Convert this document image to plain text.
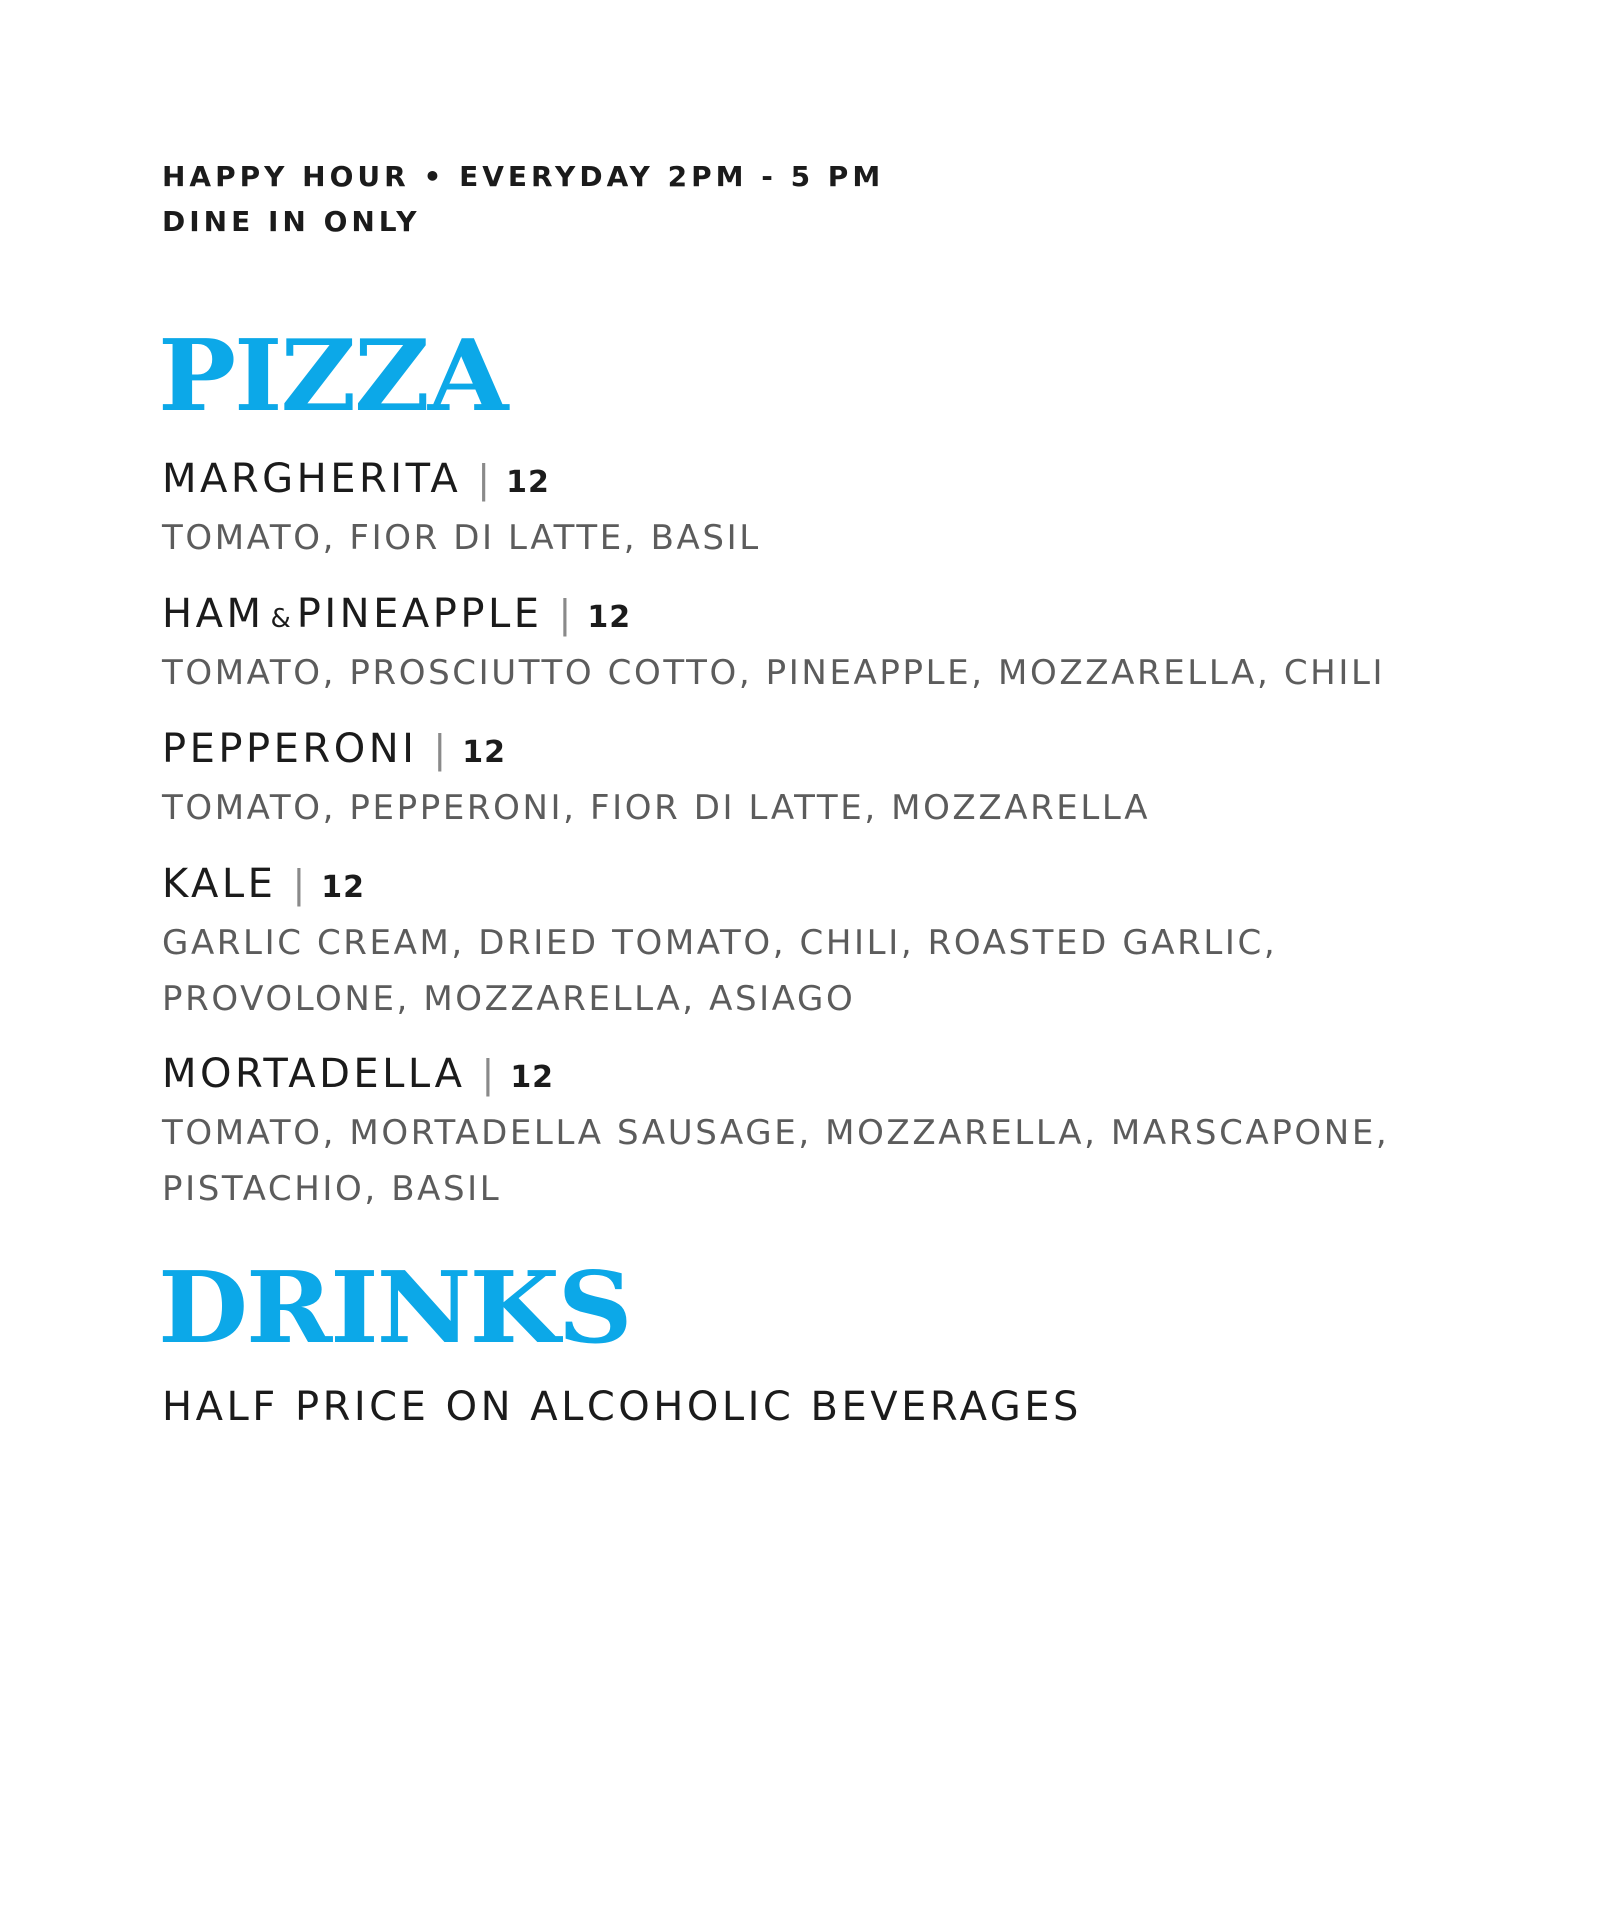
HAPPY HOUR • EVERYDAY 2PM - 5 PM
DINE IN ONLY
PIZZA
MARGHERITA | 12
TOMATO, FIOR DI LATTE, BASIL
HAM & PINEAPPLE | 12
TOMATO, PROSCIUTTO COTTO, PINEAPPLE, MOZZARELLA, CHILI
PEPPERONI | 12
TOMATO, PEPPERONI, FIOR DI LATTE, MOZZARELLA
KALE | 12
GARLIC CREAM, DRIED TOMATO, CHILI, ROASTED GARLIC,
PROVOLONE, MOZZARELLA, ASIAGO
MORTADELLA | 12
TOMATO, MORTADELLA SAUSAGE, MOZZARELLA, MARSCAPONE,
PISTACHIO, BASIL
DRINKS
HALF PRICE ON ALCOHOLIC BEVERAGES
